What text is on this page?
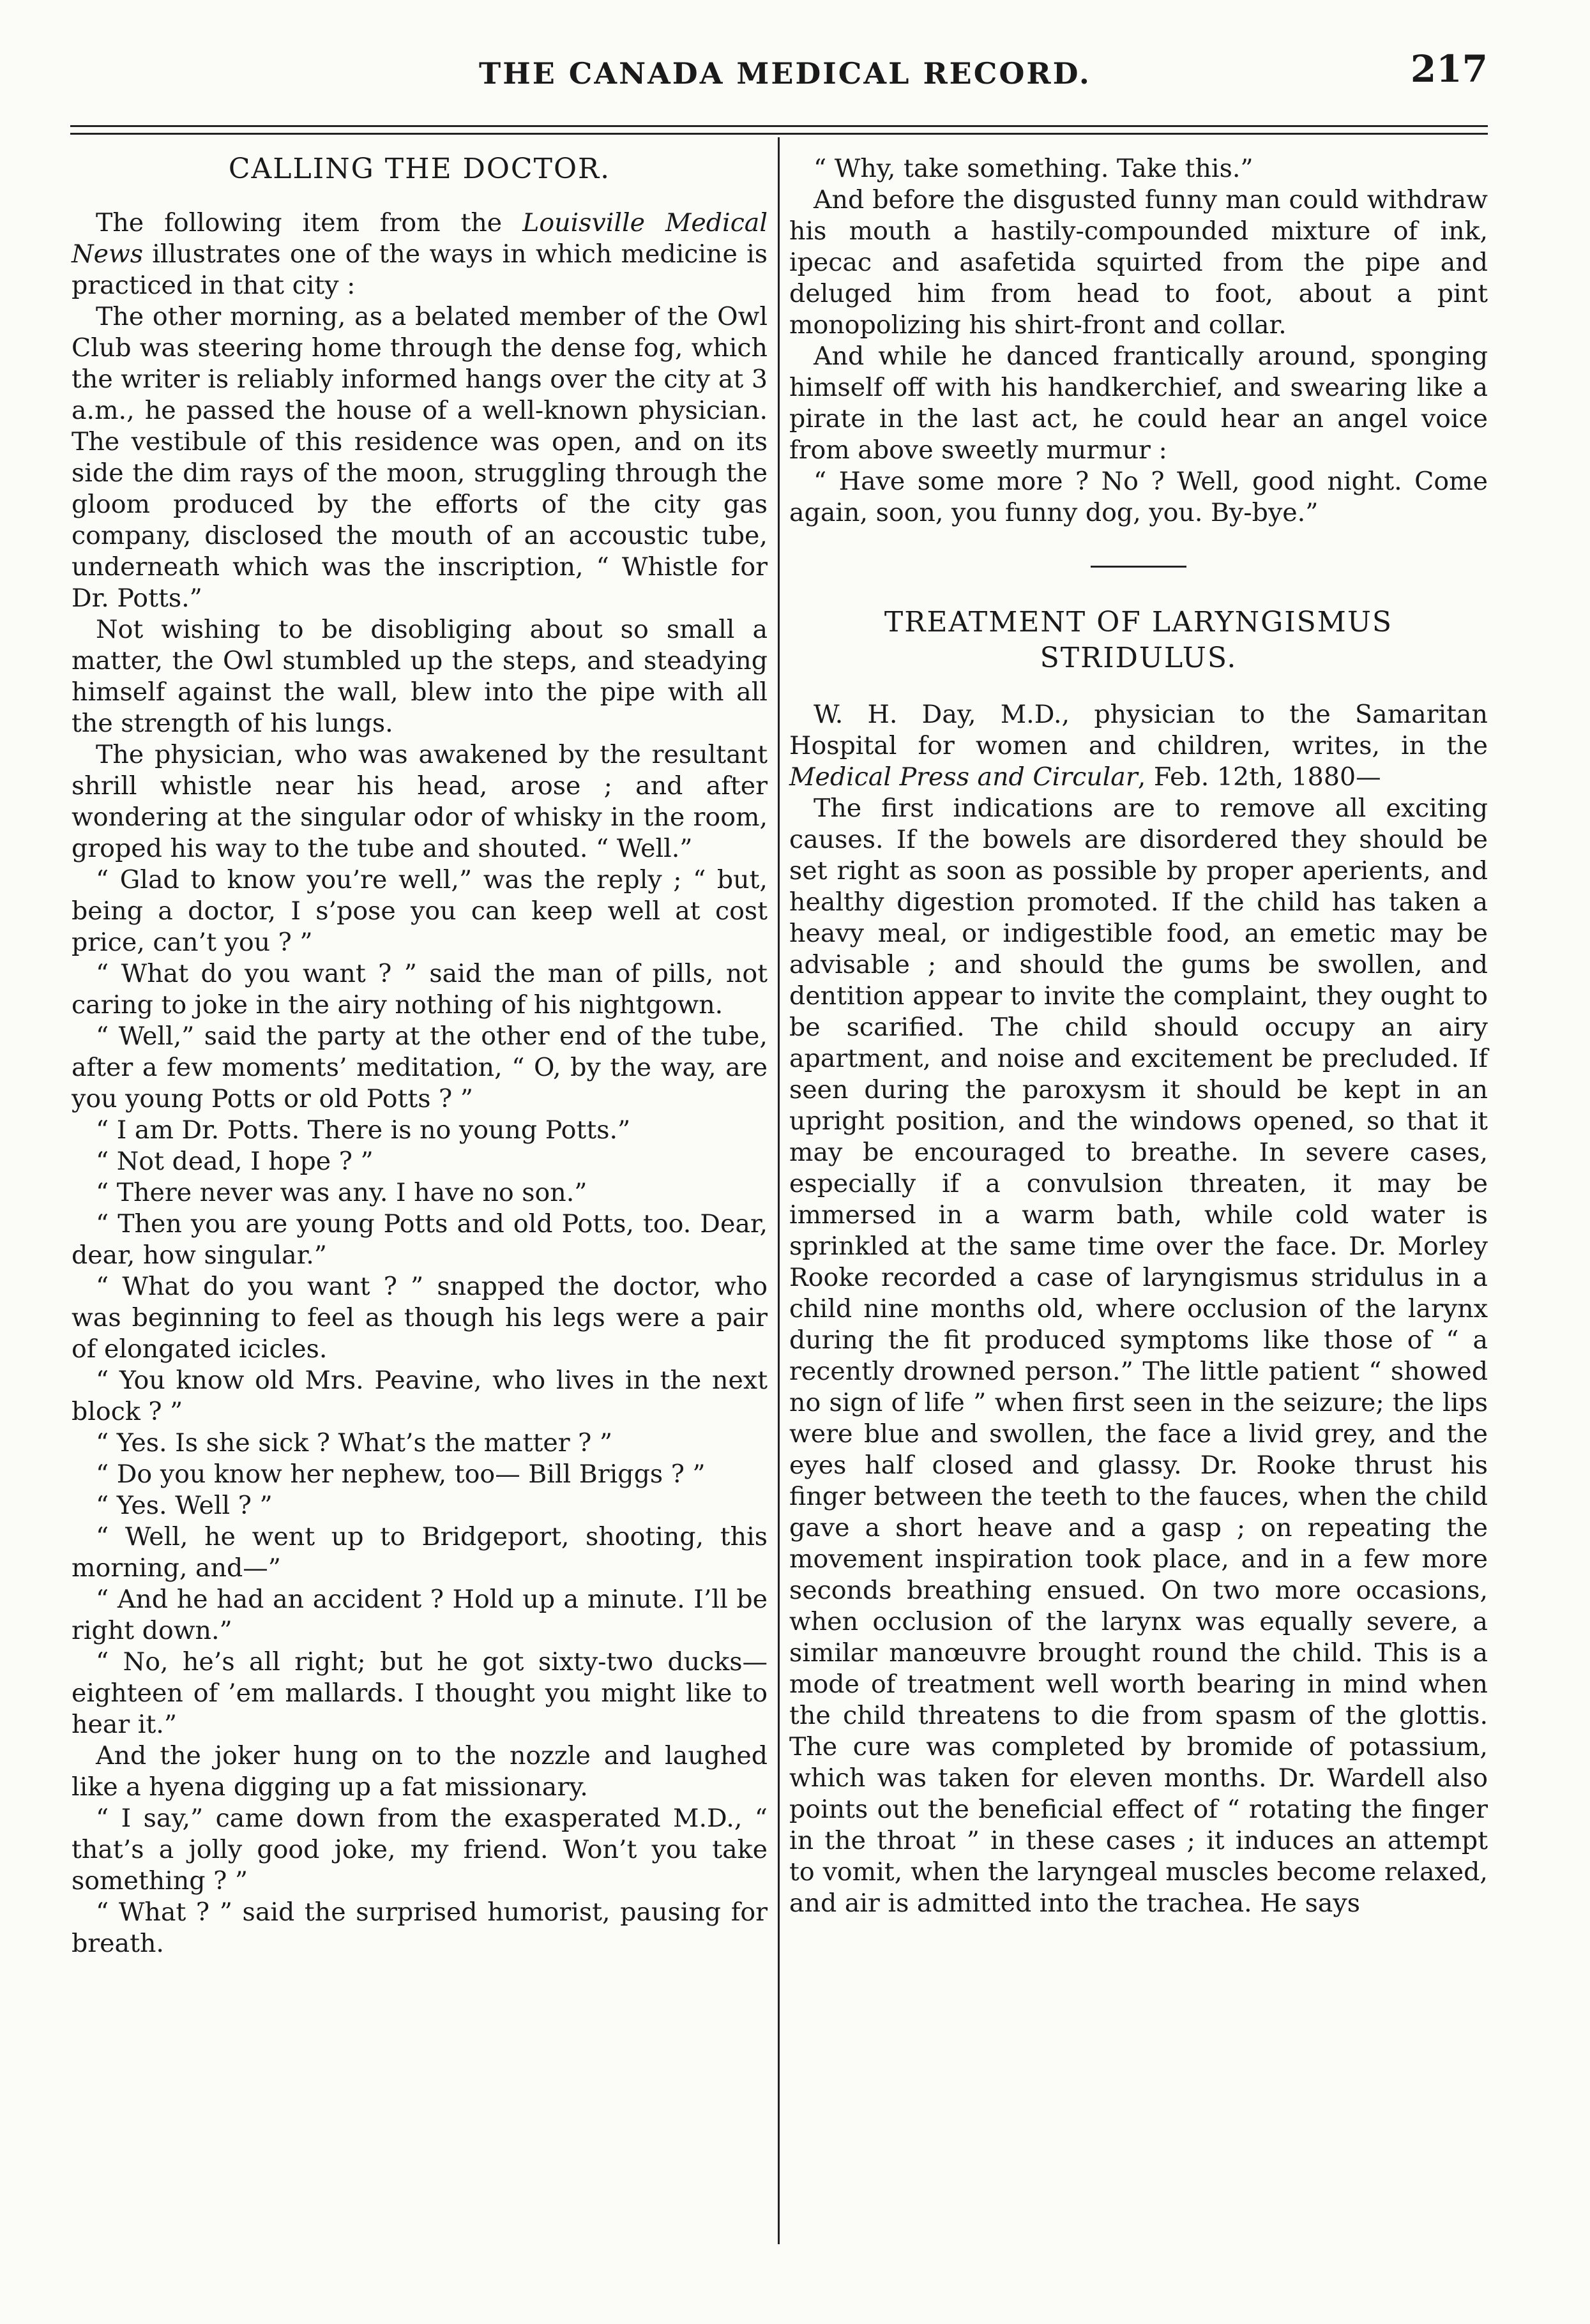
THE CANADA MEDICAL RECORD.	217
CALLING THE DOCTOR.

The following item from the Louisville Medical News illustrates one of the ways in which medicine is practiced in that city :

The other morning, as a belated member of the Owl Club was steering home through the dense fog, which the writer is reliably informed hangs over the city at 3 a.m., he passed the house of a well-known physician. The vestibule of this residence was open, and on its side the dim rays of the moon, struggling through the gloom produced by the efforts of the city gas company, disclosed the mouth of an accoustic tube, underneath which was the inscription, “ Whistle for Dr. Potts.”

Not wishing to be disobliging about so small a matter, the Owl stumbled up the steps, and steadying himself against the wall, blew into the pipe with all the strength of his lungs.

The physician, who was awakened by the resultant shrill whistle near his head, arose ; and after wondering at the singular odor of whisky in the room, groped his way to the tube and shouted. “ Well.”

“ Glad to know you’re well,” was the reply ; “ but, being a doctor, I s’pose you can keep well at cost price, can’t you ? ”

“ What do you want ? ” said the man of pills, not caring to joke in the airy nothing of his nightgown.

“ Well,” said the party at the other end of the tube, after a few moments’ meditation, “ O, by the way, are you young Potts or old Potts ? ”

“ I am Dr. Potts. There is no young Potts.”

“ Not dead, I hope ? ”

“ There never was any. I have no son.”

“ Then you are young Potts and old Potts, too. Dear, dear, how singular.”

“ What do you want ? ” snapped the doctor, who was beginning to feel as though his legs were a pair of elongated icicles.

“ You know old Mrs. Peavine, who lives in the next block ? ”

“ Yes. Is she sick ? What’s the matter ? ”

“ Do you know her nephew, too— Bill Briggs ? ”

“ Yes. Well ? ”

“ Well, he went up to Bridgeport, shooting, this morning, and—”

“ And he had an accident ? Hold up a minute. I’ll be right down.”

“ No, he’s all right; but he got sixty-two ducks—eighteen of ’em mallards. I thought you might like to hear it.”

And the joker hung on to the nozzle and laughed like a hyena digging up a fat missionary.

“ I say,” came down from the exasperated M.D., “ that’s a jolly good joke, my friend. Won’t you take something ? ”

“ What ? ” said the surprised humorist, pausing for breath.

“ Why, take something. Take this.”

And before the disgusted funny man could withdraw his mouth a hastily-compounded mixture of ink, ipecac and asafetida squirted from the pipe and deluged him from head to foot, about a pint monopolizing his shirt-front and collar.

And while he danced frantically around, sponging himself off with his handkerchief, and swearing like a pirate in the last act, he could hear an angel voice from above sweetly murmur :

“ Have some more ? No ? Well, good night. Come again, soon, you funny dog, you. By-bye.”

TREATMENT OF LARYNGISMUS STRIDULUS.

W. H. Day, M.D., physician to the Samaritan Hospital for women and children, writes, in the Medical Press and Circular, Feb. 12th, 1880—

The first indications are to remove all exciting causes. If the bowels are disordered they should be set right as soon as possible by proper aperients, and healthy digestion promoted. If the child has taken a heavy meal, or indigestible food, an emetic may be advisable ; and should the gums be swollen, and dentition appear to invite the complaint, they ought to be scarified. The child should occupy an airy apartment, and noise and excitement be precluded. If seen during the paroxysm it should be kept in an upright position, and the windows opened, so that it may be encouraged to breathe. In severe cases, especially if a convulsion threaten, it may be immersed in a warm bath, while cold water is sprinkled at the same time over the face. Dr. Morley Rooke recorded a case of laryngismus stridulus in a child nine months old, where occlusion of the larynx during the fit produced symptoms like those of “ a recently drowned person.” The little patient “ showed no sign of life ” when first seen in the seizure; the lips were blue and swollen, the face a livid grey, and the eyes half closed and glassy. Dr. Rooke thrust his finger between the teeth to the fauces, when the child gave a short heave and a gasp ; on repeating the movement inspiration took place, and in a few more seconds breathing ensued. On two more occasions, when occlusion of the larynx was equally severe, a similar manœuvre brought round the child. This is a mode of treatment well worth bearing in mind when the child threatens to die from spasm of the glottis. The cure was completed by bromide of potassium, which was taken for eleven months. Dr. Wardell also points out the beneficial effect of “ rotating the finger in the throat ” in these cases ; it induces an attempt to vomit, when the laryngeal muscles become relaxed, and air is admitted into the trachea. He says
